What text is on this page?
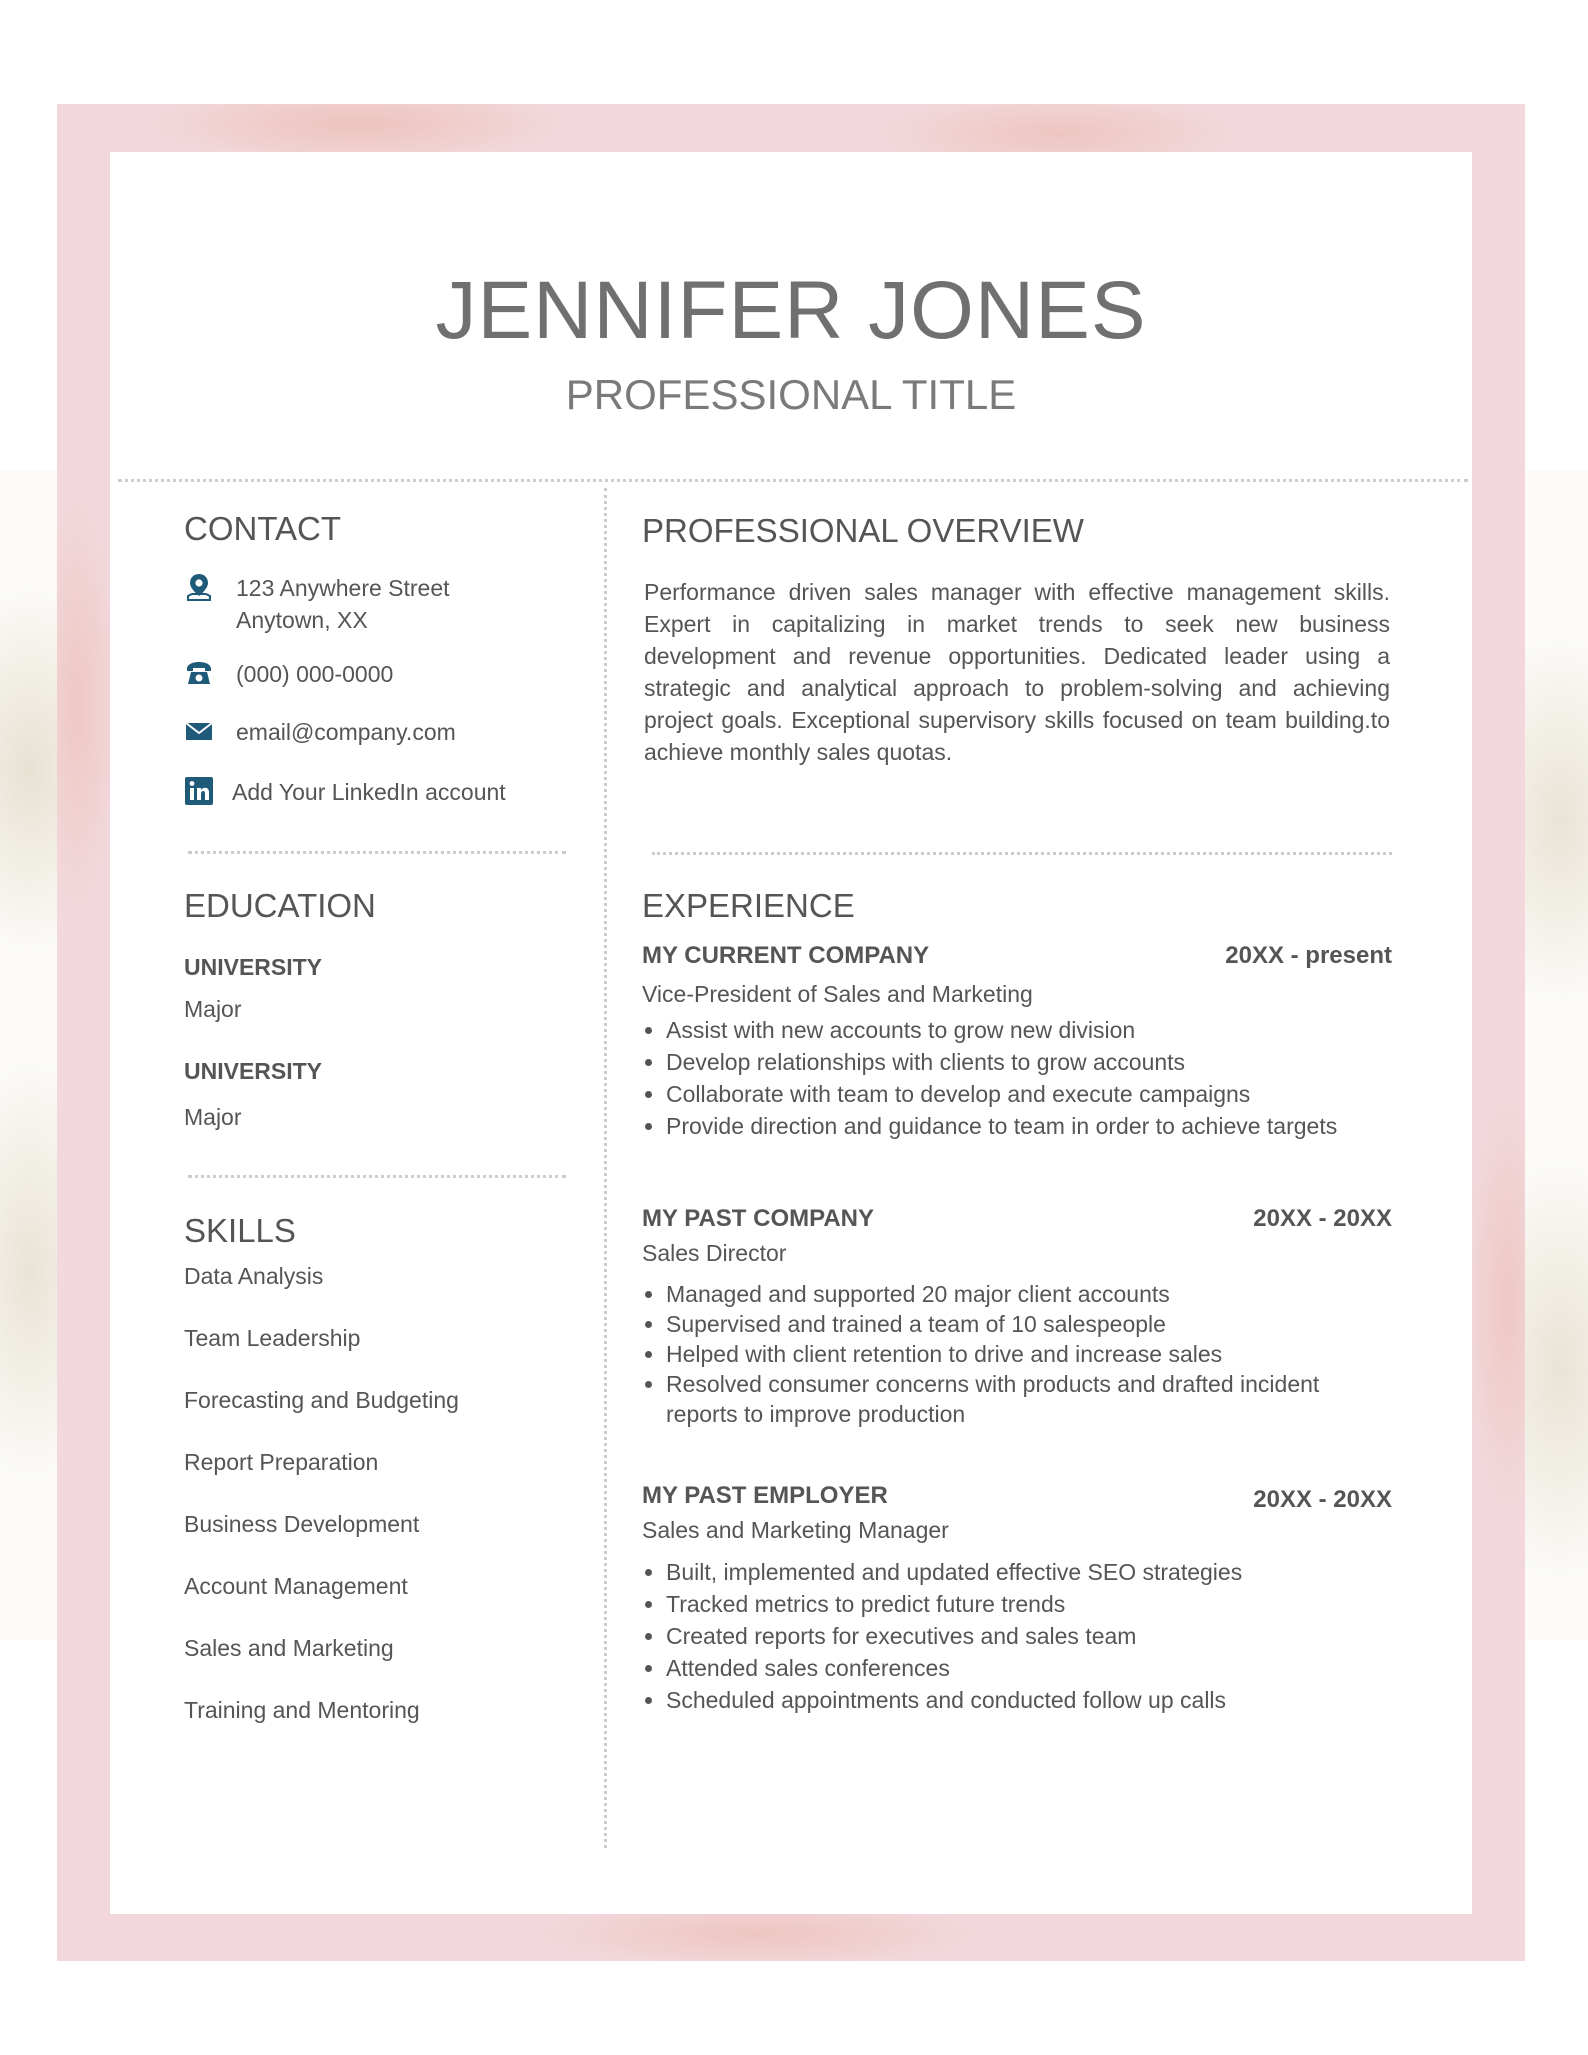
JENNIFER JONES
PROFESSIONAL TITLE
CONTACT
123 Anywhere Street
Anytown, XX
(000) 000-0000
email@company.com
Add Your LinkedIn account
EDUCATION
UNIVERSITY
Major
UNIVERSITY
Major
SKILLS
Data Analysis
Team Leadership
Forecasting and Budgeting
Report Preparation
Business Development
Account Management
Sales and Marketing
Training and Mentoring
PROFESSIONAL OVERVIEW

Performance driven sales manager with effective management skills. Expert in capitalizing in market trends to seek new business development and revenue opportunities. Dedicated leader using a strategic and analytical approach to problem-solving and achieving project goals. Exceptional supervisory skills focused on team building.to achieve monthly sales quotas.

EXPERIENCE
MY CURRENT COMPANY	20XX - present
Vice-President of Sales and Marketing
• Assist with new accounts to grow new division
• Develop relationships with clients to grow accounts
• Collaborate with team to develop and execute campaigns
• Provide direction and guidance to team in order to achieve targets
MY PAST COMPANY	20XX - 20XX
Sales Director
• Managed and supported 20 major client accounts
• Supervised and trained a team of 10 salespeople
• Helped with client retention to drive and increase sales
• Resolved consumer concerns with products and drafted incident reports to improve production
MY PAST EMPLOYER	20XX - 20XX
Sales and Marketing Manager
• Built, implemented and updated effective SEO strategies
• Tracked metrics to predict future trends
• Created reports for executives and sales team
• Attended sales conferences
• Scheduled appointments and conducted follow up calls
